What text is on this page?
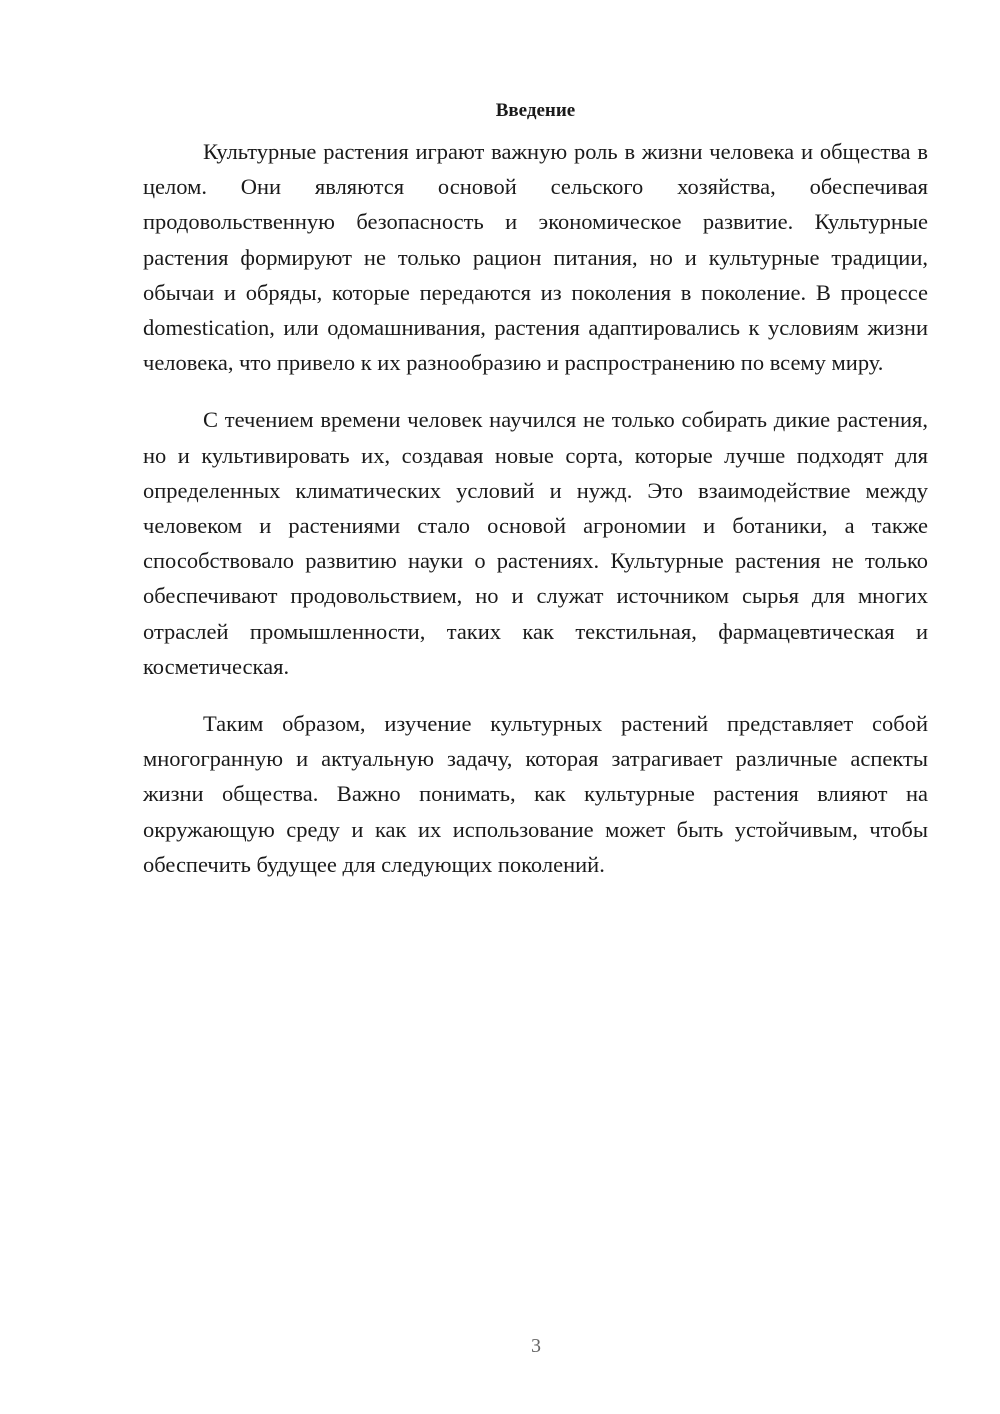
Введение

Культурные растения играют важную роль в жизни человека и общества в целом. Они являются основой сельского хозяйства, обеспечивая продовольственную безопасность и экономическое развитие. Культурные растения формируют не только рацион питания, но и культурные традиции, обычаи и обряды, которые передаются из поколения в поколение. В процессе domestication, или одомашнивания, растения адаптировались к условиям жизни человека, что привело к их разнообразию и распространению по всему миру.

С течением времени человек научился не только собирать дикие растения, но и культивировать их, создавая новые сорта, которые лучше подходят для определенных климатических условий и нужд. Это взаимодействие между человеком и растениями стало основой агрономии и ботаники, а также способствовало развитию науки о растениях. Культурные растения не только обеспечивают продовольствием, но и служат источником сырья для многих отраслей промышленности, таких как текстильная, фармацевтическая и косметическая.

Таким образом, изучение культурных растений представляет собой многогранную и актуальную задачу, которая затрагивает различные аспекты жизни общества. Важно понимать, как культурные растения влияют на окружающую среду и как их использование может быть устойчивым, чтобы обеспечить будущее для следующих поколений.

3
